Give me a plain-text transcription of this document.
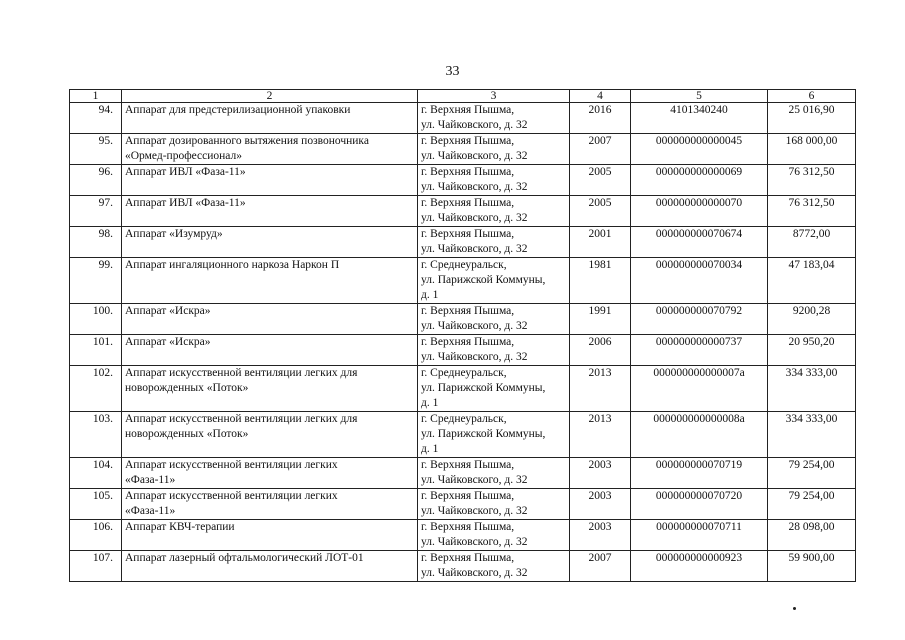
33
1	2	3	4	5	6
94.	Аппарат для предстерилизационной упаковки	г. Верхняя Пышма,
ул. Чайковского, д. 32	2016	4101340240	25 016,90
95.	Аппарат дозированного вытяжения позвоночника
«Ормед-профессионал»	г. Верхняя Пышма,
ул. Чайковского, д. 32	2007	000000000000045	168 000,00
96.	Аппарат ИВЛ «Фаза-11»	г. Верхняя Пышма,
ул. Чайковского, д. 32	2005	000000000000069	76 312,50
97.	Аппарат ИВЛ «Фаза-11»	г. Верхняя Пышма,
ул. Чайковского, д. 32	2005	000000000000070	76 312,50
98.	Аппарат «Изумруд»	г. Верхняя Пышма,
ул. Чайковского, д. 32	2001	000000000070674	8772,00
99.	Аппарат ингаляционного наркоза Наркон П	г. Среднеуральск,
ул. Парижской Коммуны,
д. 1	1981	000000000070034	47 183,04
100.	Аппарат «Искра»	г. Верхняя Пышма,
ул. Чайковского, д. 32	1991	000000000070792	9200,28
101.	Аппарат «Искра»	г. Верхняя Пышма,
ул. Чайковского, д. 32	2006	000000000000737	20 950,20
102.	Аппарат искусственной вентиляции легких для
новорожденных «Поток»	г. Среднеуральск,
ул. Парижской Коммуны,
д. 1	2013	000000000000007а	334 333,00
103.	Аппарат искусственной вентиляции легких для
новорожденных «Поток»	г. Среднеуральск,
ул. Парижской Коммуны,
д. 1	2013	000000000000008а	334 333,00
104.	Аппарат искусственной вентиляции легких
«Фаза-11»	г. Верхняя Пышма,
ул. Чайковского, д. 32	2003	000000000070719	79 254,00
105.	Аппарат искусственной вентиляции легких
«Фаза-11»	г. Верхняя Пышма,
ул. Чайковского, д. 32	2003	000000000070720	79 254,00
106.	Аппарат КВЧ-терапии	г. Верхняя Пышма,
ул. Чайковского, д. 32	2003	000000000070711	28 098,00
107.	Аппарат лазерный офтальмологический ЛОТ-01	г. Верхняя Пышма,
ул. Чайковского, д. 32	2007	000000000000923	59 900,00
